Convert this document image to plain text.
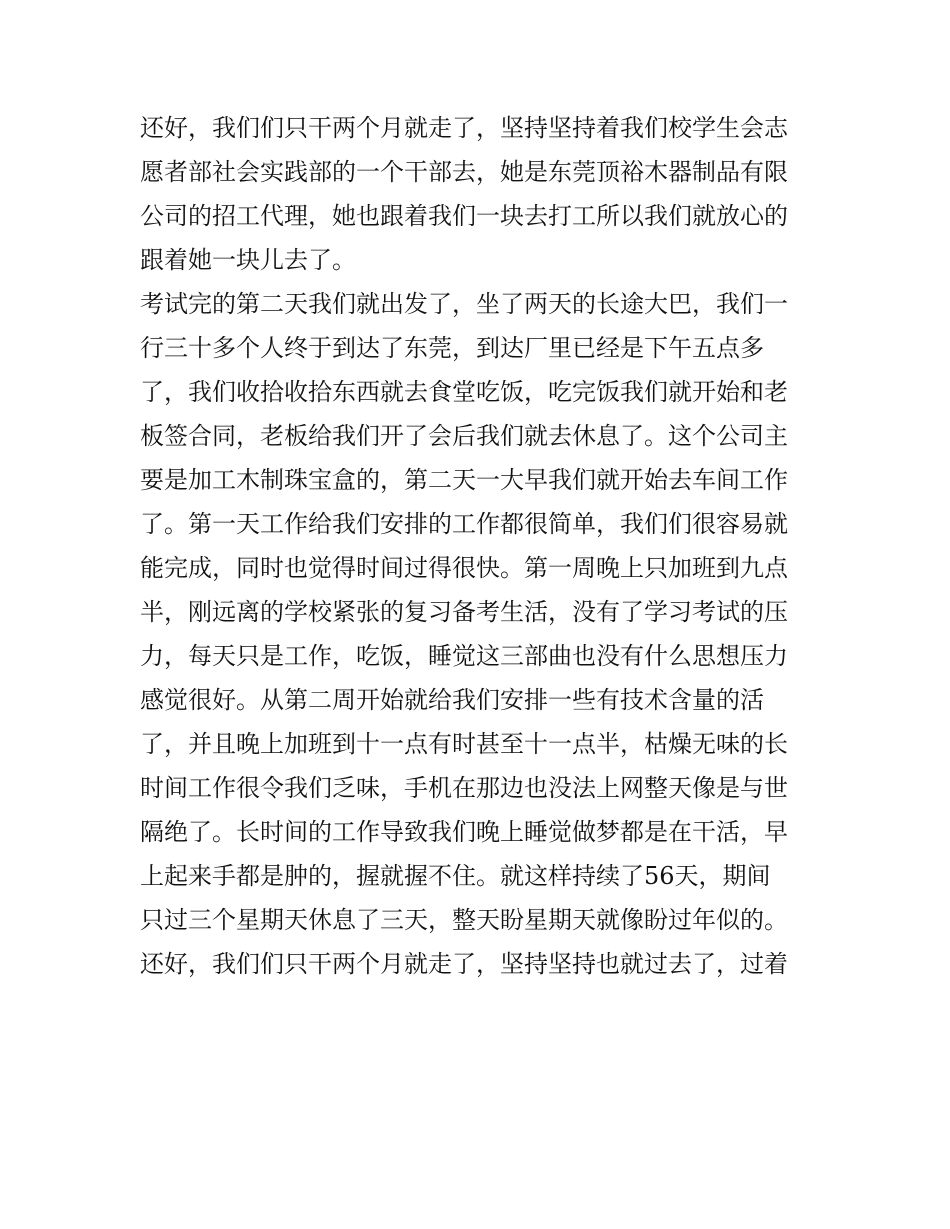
还好，我们们只干两个月就走了，坚持坚持着我们校学生会志
愿者部社会实践部的一个干部去，她是东莞顶裕木器制品有限
公司的招工代理，她也跟着我们一块去打工所以我们就放心的
跟着她一块儿去了。
考试完的第二天我们就出发了，坐了两天的长途大巴，我们一
行三十多个人终于到达了东莞，到达厂里已经是下午五点多
了，我们收拾收拾东西就去食堂吃饭，吃完饭我们就开始和老
板签合同，老板给我们开了会后我们就去休息了。这个公司主
要是加工木制珠宝盒的，第二天一大早我们就开始去车间工作
了。第一天工作给我们安排的工作都很简单，我们们很容易就
能完成，同时也觉得时间过得很快。第一周晚上只加班到九点
半，刚远离的学校紧张的复习备考生活，没有了学习考试的压
力，每天只是工作，吃饭，睡觉这三部曲也没有什么思想压力
感觉很好。从第二周开始就给我们安排一些有技术含量的活
了，并且晚上加班到十一点有时甚至十一点半，枯燥无味的长
时间工作很令我们乏味，手机在那边也没法上网整天像是与世
隔绝了。长时间的工作导致我们晚上睡觉做梦都是在干活，早
上起来手都是肿的，握就握不住。就这样持续了56天，期间
只过三个星期天休息了三天，整天盼星期天就像盼过年似的。
还好，我们们只干两个月就走了，坚持坚持也就过去了，过着
